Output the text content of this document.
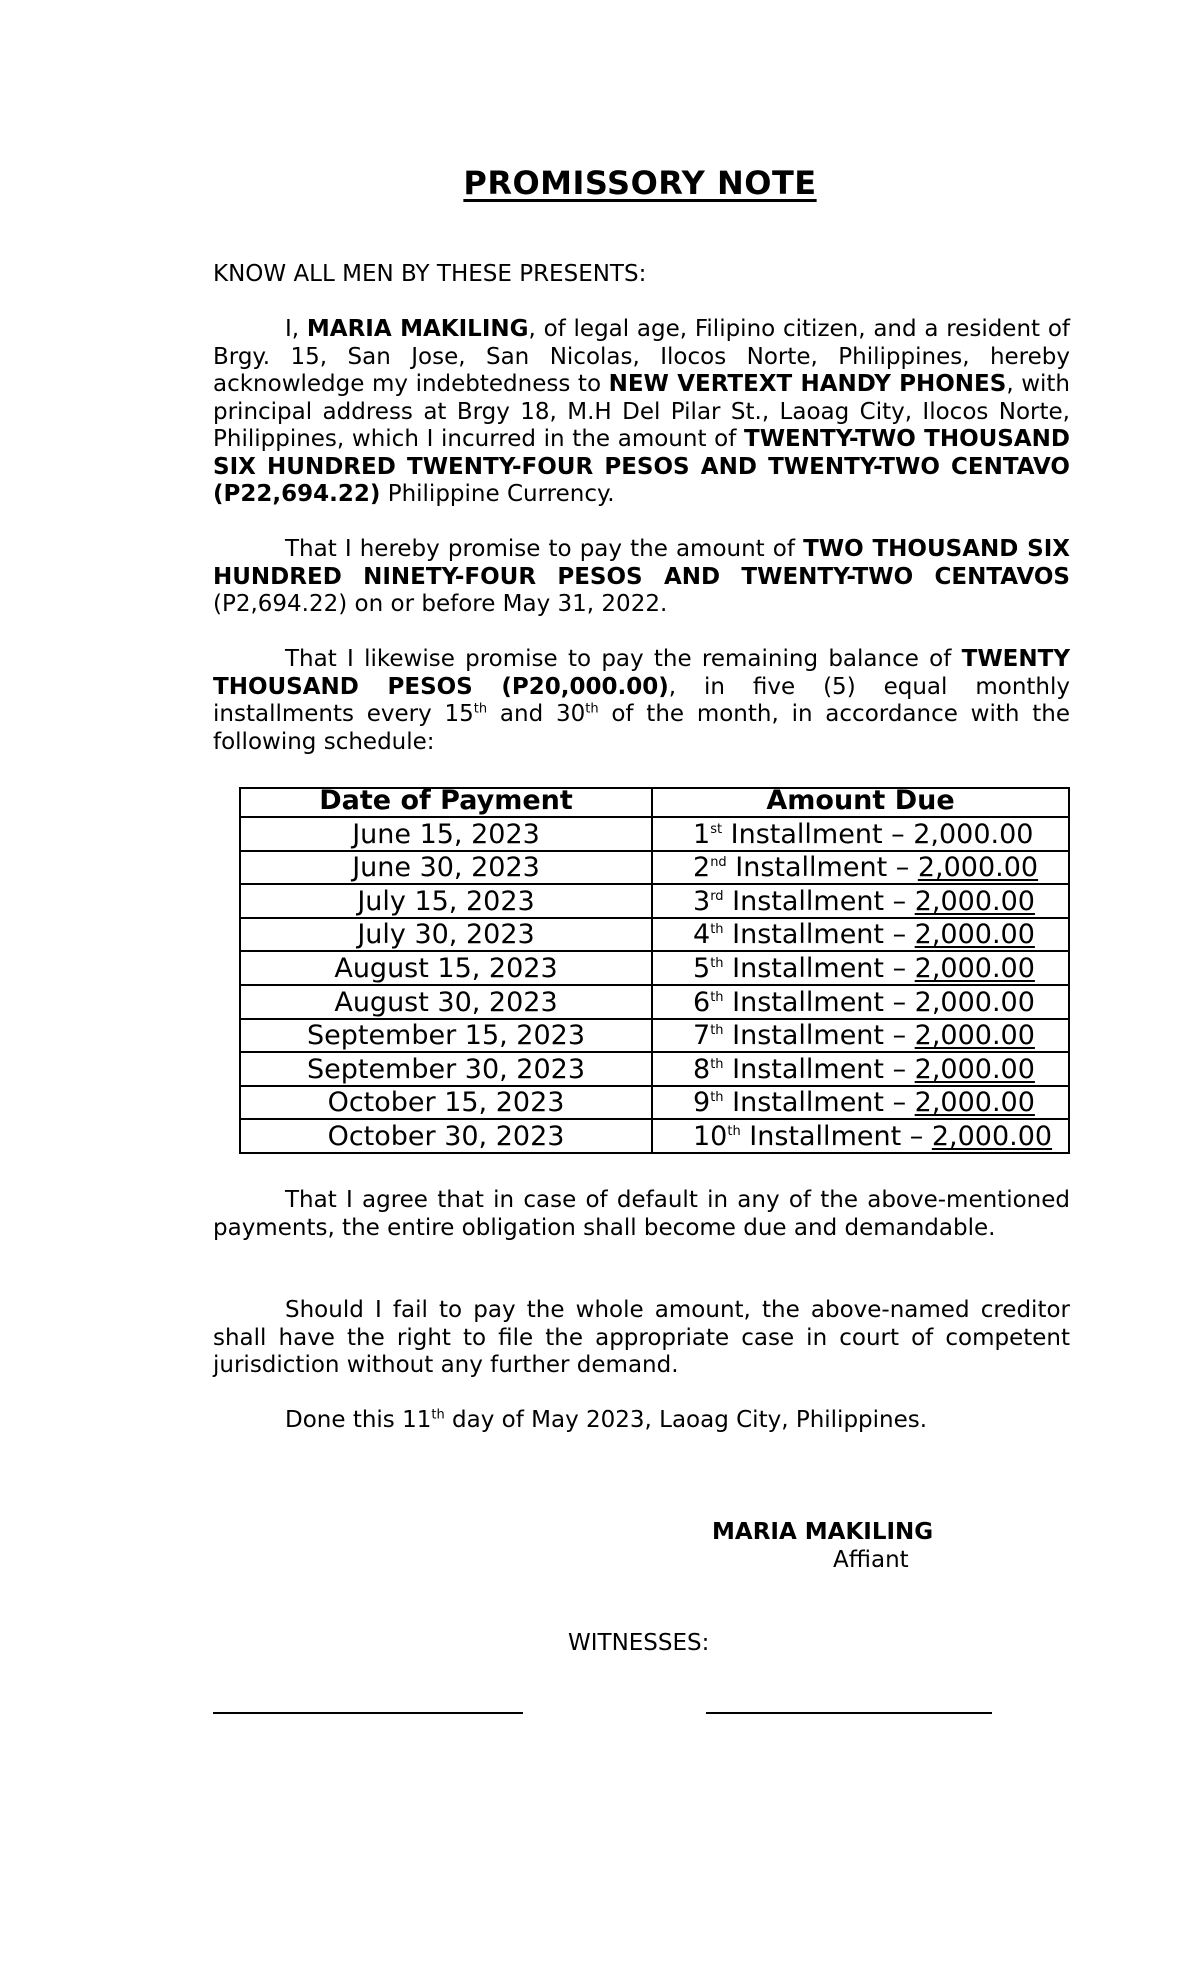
PROMISSORY NOTE
KNOW ALL MEN BY THESE PRESENTS:
I, MARIA MAKILING, of legal age, Filipino citizen, and a resident of Brgy. 15, San Jose, San Nicolas, Ilocos Norte, Philippines, hereby acknowledge my indebtedness to NEW VERTEXT HANDY PHONES, with principal address at Brgy 18, M.H Del Pilar St., Laoag City, Ilocos Norte, Philippines, which I incurred in the amount of TWENTY-TWO THOUSAND SIX HUNDRED TWENTY-FOUR PESOS AND TWENTY-TWO CENTAVO (P22,694.22) Philippine Currency.
That I hereby promise to pay the amount of TWO THOUSAND SIX HUNDRED NINETY-FOUR PESOS AND TWENTY-TWO CENTAVOS (P2,694.22) on or before May 31, 2022.
That I likewise promise to pay the remaining balance of TWENTY THOUSAND PESOS (P20,000.00), in five (5) equal monthly installments every 15th and 30th of the month, in accordance with the following schedule:
Date of Payment	Amount Due
June 15, 2023	1st Installment – 2,000.00
June 30, 2023	2nd Installment – 2,000.00
July 15, 2023	3rd Installment – 2,000.00
July 30, 2023	4th Installment – 2,000.00
August 15, 2023	5th Installment – 2,000.00
August 30, 2023	6th Installment – 2,000.00
September 15, 2023	7th Installment – 2,000.00
September 30, 2023	8th Installment – 2,000.00
October 15, 2023	9th Installment – 2,000.00
October 30, 2023	10th Installment – 2,000.00
That I agree that in case of default in any of the above-mentioned payments, the entire obligation shall become due and demandable.
Should I fail to pay the whole amount, the above-named creditor shall have the right to file the appropriate case in court of competent jurisdiction without any further demand.
Done this 11th day of May 2023, Laoag City, Philippines.
MARIA MAKILING
Affiant
WITNESSES:
